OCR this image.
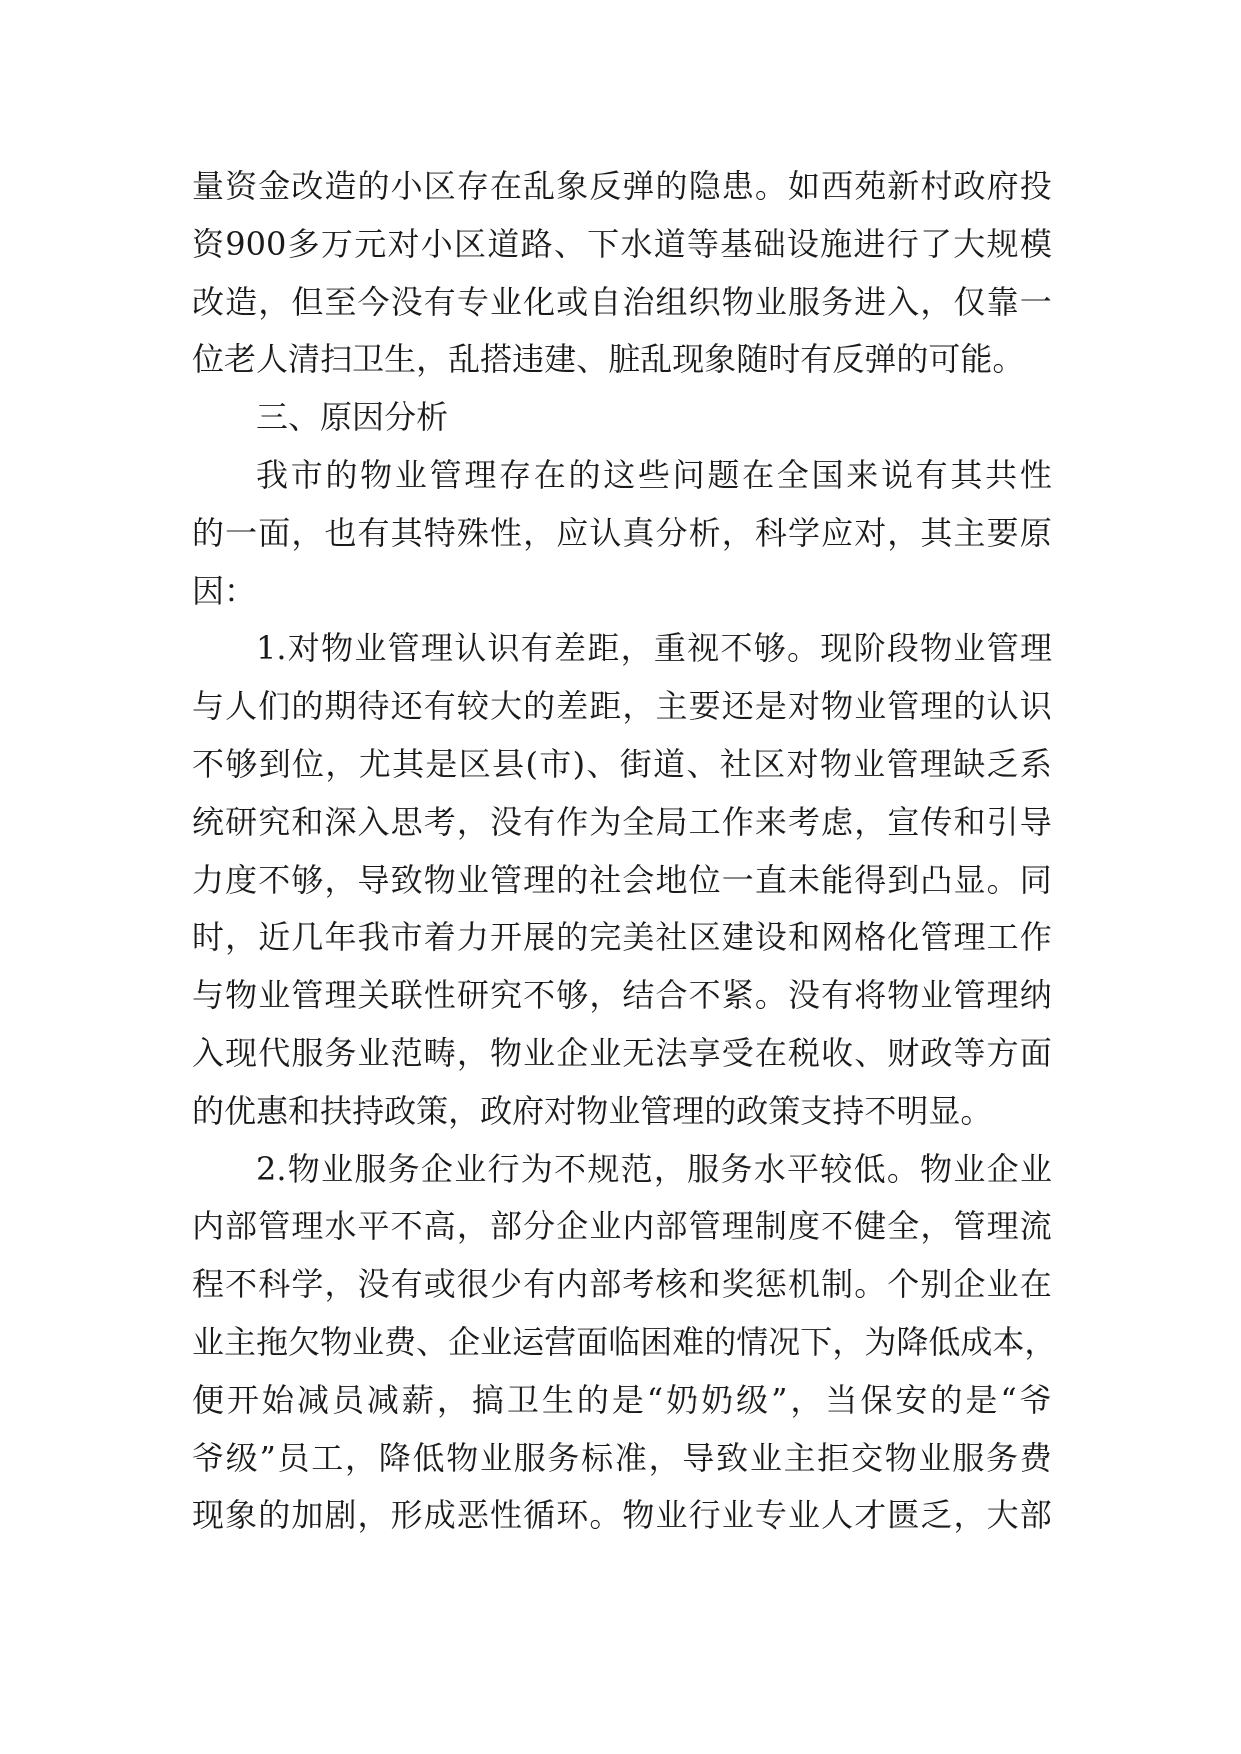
量 资 金 改 造 的 小 区 存 在 乱 象 反 弹 的 隐 患 。 如 西 苑 新 村 政 府 投
资 900 多 万 元 对 小 区 道 路 、 下 水 道 等 基 础 设 施 进 行 了 大 规 模
改 造 ， 但 至 今 没 有 专 业 化 或 自 治 组 织 物 业 服 务 进 入 ， 仅 靠 一
位 老 人 清 扫 卫 生 ， 乱 搭 违 建 、 脏 乱 现 象 随 时 有 反 弹 的 可 能 。
三 、 原 因 分 析
我 市 的 物 业 管 理 存 在 的 这 些 问 题 在 全 国 来 说 有 其 共 性
的 一 面 ， 也 有 其 特 殊 性 ， 应 认 真 分 析 ， 科 学 应 对 ， 其 主 要 原
因 ：
1. 对 物 业 管 理 认 识 有 差 距 ， 重 视 不 够 。 现 阶 段 物 业 管 理
与 人 们 的 期 待 还 有 较 大 的 差 距 ， 主 要 还 是 对 物 业 管 理 的 认 识
不 够 到 位 ， 尤 其 是 区 县 ( 市 ) 、 街 道 、 社 区 对 物 业 管 理 缺 乏 系
统 研 究 和 深 入 思 考 ， 没 有 作 为 全 局 工 作 来 考 虑 ， 宣 传 和 引 导
力 度 不 够 ， 导 致 物 业 管 理 的 社 会 地 位 一 直 未 能 得 到 凸 显 。 同
时 ， 近 几 年 我 市 着 力 开 展 的 完 美 社 区 建 设 和 网 格 化 管 理 工 作
与 物 业 管 理 关 联 性 研 究 不 够 ， 结 合 不 紧 。 没 有 将 物 业 管 理 纳
入 现 代 服 务 业 范 畴 ， 物 业 企 业 无 法 享 受 在 税 收 、 财 政 等 方 面
的 优 惠 和 扶 持 政 策 ， 政 府 对 物 业 管 理 的 政 策 支 持 不 明 显 。
2. 物 业 服 务 企 业 行 为 不 规 范 ， 服 务 水 平 较 低 。 物 业 企 业
内 部 管 理 水 平 不 高 ， 部 分 企 业 内 部 管 理 制 度 不 健 全 ， 管 理 流
程 不 科 学 ， 没 有 或 很 少 有 内 部 考 核 和 奖 惩 机 制 。 个 别 企 业 在
业 主 拖 欠 物 业 费 、 企 业 运 营 面 临 困 难 的 情 况 下 ， 为 降 低 成 本 ，
便 开 始 减 员 减 薪 ， 搞 卫 生 的 是 “ 奶 奶 级 ” ， 当 保 安 的 是 “ 爷
爷 级 ” 员 工 ， 降 低 物 业 服 务 标 准 ， 导 致 业 主 拒 交 物 业 服 务 费
现 象 的 加 剧 ， 形 成 恶 性 循 环 。 物 业 行 业 专 业 人 才 匮 乏 ， 大 部
